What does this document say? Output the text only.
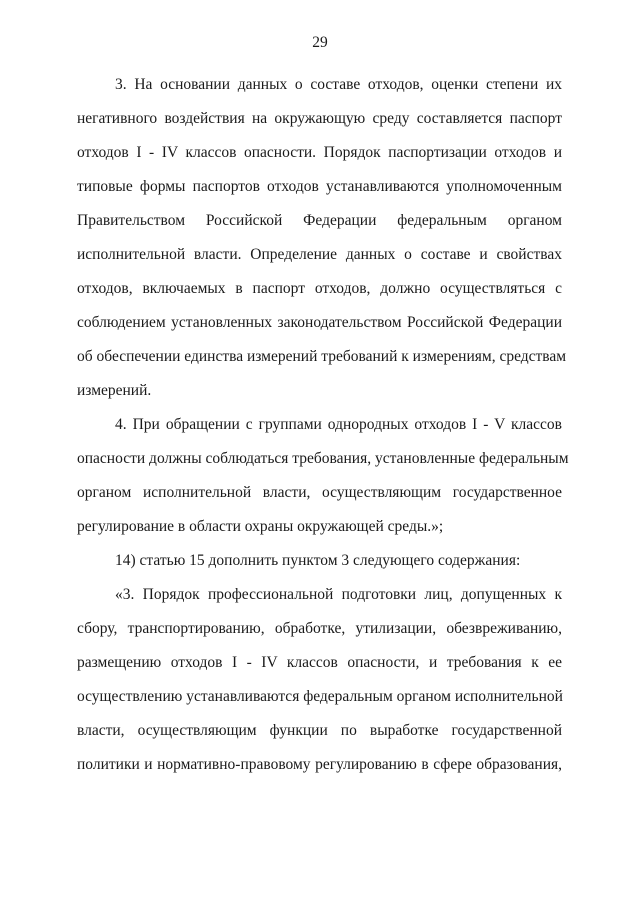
29

3. На основании данных о составе отходов, оценки степени их
негативного воздействия на окружающую среду составляется паспорт
отходов I - IV классов опасности. Порядок паспортизации отходов и
типовые формы паспортов отходов устанавливаются уполномоченным
Правительством Российской Федерации федеральным органом
исполнительной власти. Определение данных о составе и свойствах
отходов, включаемых в паспорт отходов, должно осуществляться с
соблюдением установленных законодательством Российской Федерации
об обеспечении единства измерений требований к измерениям, средствам
измерений.

4. При обращении с группами однородных отходов I - V классов
опасности должны соблюдаться требования, установленные федеральным
органом исполнительной власти, осуществляющим государственное
регулирование в области охраны окружающей среды.»;

14) статью 15 дополнить пунктом 3 следующего содержания:

«3. Порядок профессиональной подготовки лиц, допущенных к
сбору, транспортированию, обработке, утилизации, обезвреживанию,
размещению отходов I - IV классов опасности, и требования к ее
осуществлению устанавливаются федеральным органом исполнительной
власти, осуществляющим функции по выработке государственной
политики и нормативно-правовому регулированию в сфере образования,
